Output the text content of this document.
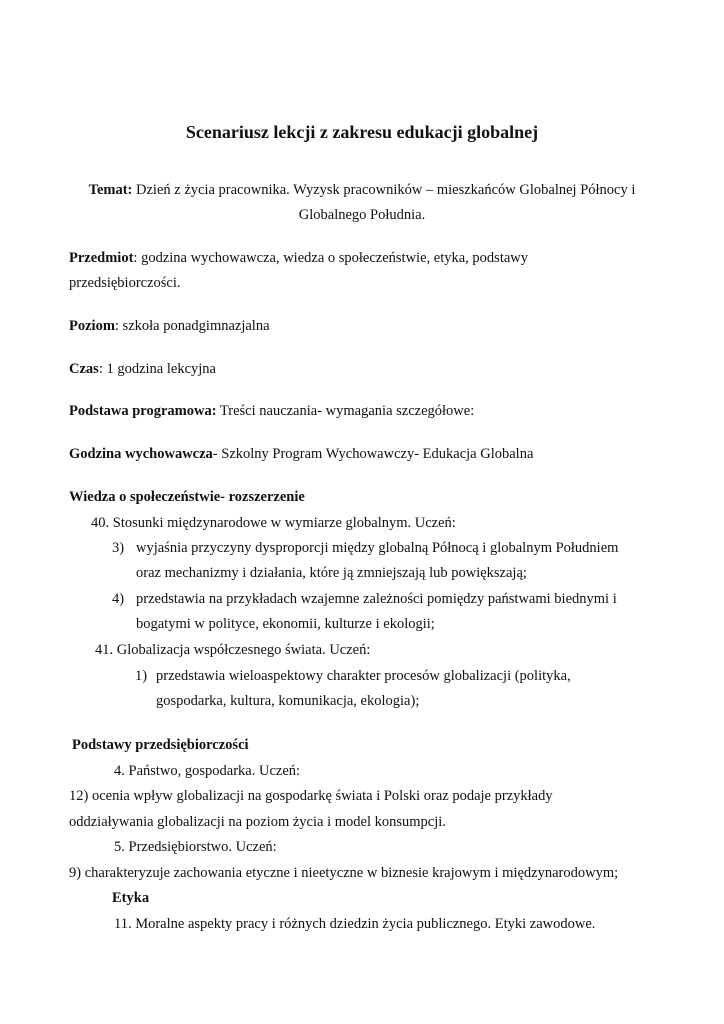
Scenariusz lekcji z zakresu edukacji globalnej
Temat: Dzień z życia pracownika. Wyzysk pracowników – mieszkańców Globalnej Północy i
Globalnego Południa.
Przedmiot: godzina wychowawcza, wiedza o społeczeństwie, etyka, podstawy
przedsiębiorczości.
Poziom: szkoła ponadgimnazjalna
Czas: 1 godzina lekcyjna
Podstawa programowa: Treści nauczania- wymagania szczegółowe:
Godzina wychowawcza- Szkolny Program Wychowawczy- Edukacja Globalna
Wiedza o społeczeństwie- rozszerzenie
40. Stosunki międzynarodowe w wymiarze globalnym. Uczeń:
3) wyjaśnia przyczyny dysproporcji między globalną Północą i globalnym Południem
oraz mechanizmy i działania, które ją zmniejszają lub powiększają;
4) przedstawia na przykładach wzajemne zależności pomiędzy państwami biednymi i
bogatymi w polityce, ekonomii, kulturze i ekologii;
41. Globalizacja współczesnego świata. Uczeń:
1) przedstawia wieloaspektowy charakter procesów globalizacji (polityka,
gospodarka, kultura, komunikacja, ekologia);
Podstawy przedsiębiorczości
4. Państwo, gospodarka. Uczeń:
12) ocenia wpływ globalizacji na gospodarkę świata i Polski oraz podaje przykłady
oddziaływania globalizacji na poziom życia i model konsumpcji.
5. Przedsiębiorstwo. Uczeń:
9) charakteryzuje zachowania etyczne i nieetyczne w biznesie krajowym i międzynarodowym;
Etyka
11. Moralne aspekty pracy i różnych dziedzin życia publicznego. Etyki zawodowe.
